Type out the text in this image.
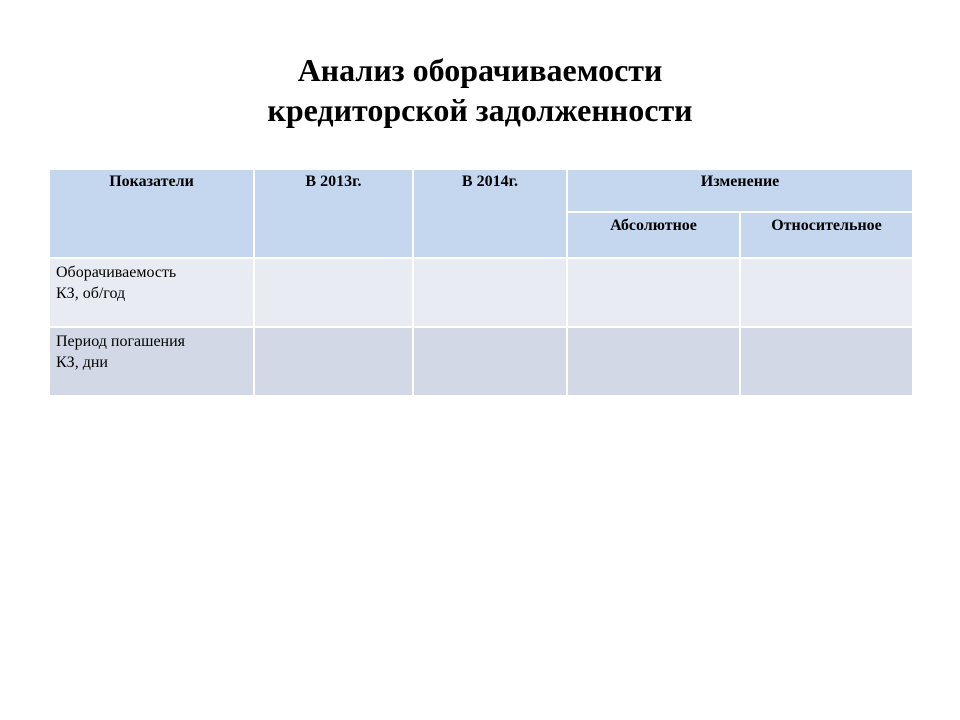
Анализ оборачиваемости
кредиторской задолженности
Показатели	В 2013г.	В 2014г.	Изменение	
			Абсолютное	Относительное

Оборачиваемость
КЗ, об/год				

Период погашения
КЗ, дни				
